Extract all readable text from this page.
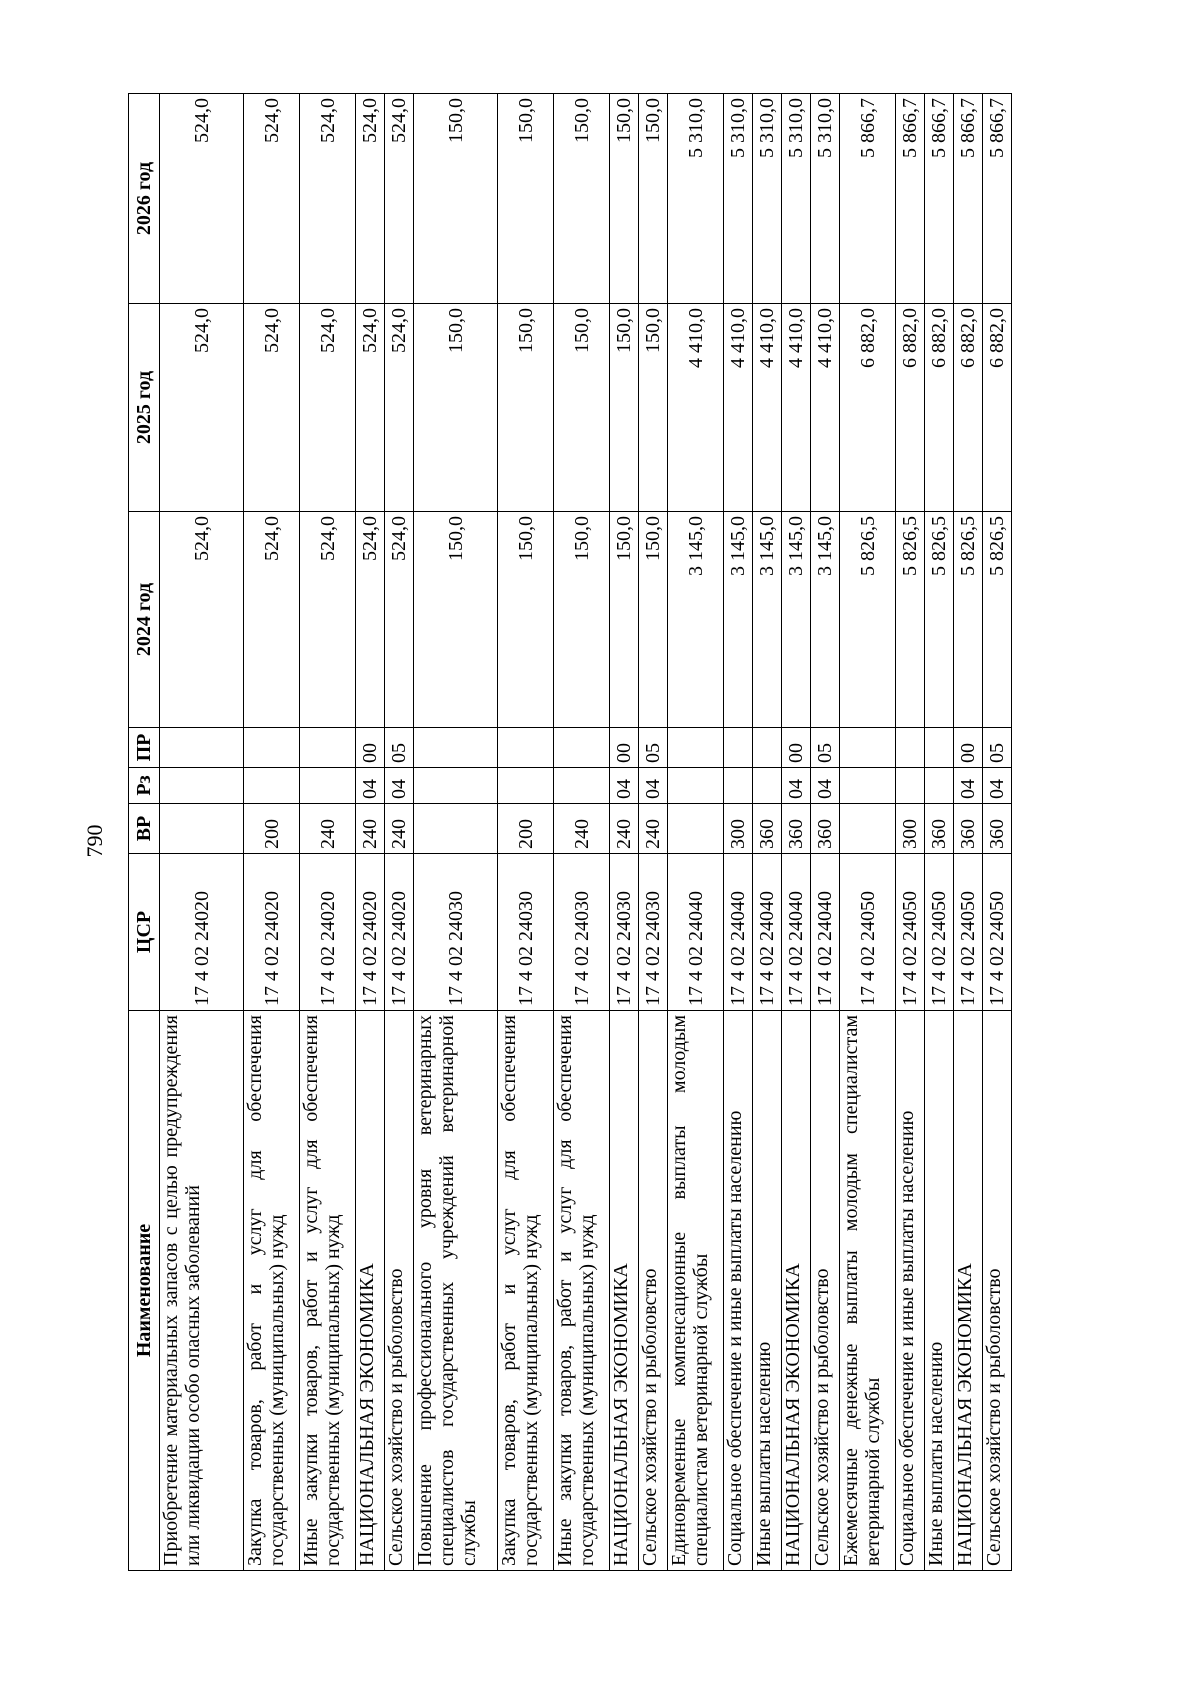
790
Наименование	ЦСР	ВР	Рз	ПР	2024 год	2025 год	2026 год
Приобретение материальных запасов с целью предупреждения или ликвидации особо опасных заболеваний	17 4 02 24020				524,0	524,0	524,0
Закупка товаров, работ и услуг для обеспечения государственных (муниципальных) нужд	17 4 02 24020	200			524,0	524,0	524,0
Иные закупки товаров, работ и услуг для обеспечения государственных (муниципальных) нужд	17 4 02 24020	240			524,0	524,0	524,0
НАЦИОНАЛЬНАЯ ЭКОНОМИКА	17 4 02 24020	240	04	00	524,0	524,0	524,0
Сельское хозяйство и рыболовство	17 4 02 24020	240	04	05	524,0	524,0	524,0
Повышение профессионального уровня ветеринарных специалистов государственных учреждений ветеринарной службы	17 4 02 24030				150,0	150,0	150,0
Закупка товаров, работ и услуг для обеспечения государственных (муниципальных) нужд	17 4 02 24030	200			150,0	150,0	150,0
Иные закупки товаров, работ и услуг для обеспечения государственных (муниципальных) нужд	17 4 02 24030	240			150,0	150,0	150,0
НАЦИОНАЛЬНАЯ ЭКОНОМИКА	17 4 02 24030	240	04	00	150,0	150,0	150,0
Сельское хозяйство и рыболовство	17 4 02 24030	240	04	05	150,0	150,0	150,0
Единовременные компенсационные выплаты молодым специалистам ветеринарной службы	17 4 02 24040				3 145,0	4 410,0	5 310,0
Социальное обеспечение и иные выплаты населению	17 4 02 24040	300			3 145,0	4 410,0	5 310,0
Иные выплаты населению	17 4 02 24040	360			3 145,0	4 410,0	5 310,0
НАЦИОНАЛЬНАЯ ЭКОНОМИКА	17 4 02 24040	360	04	00	3 145,0	4 410,0	5 310,0
Сельское хозяйство и рыболовство	17 4 02 24040	360	04	05	3 145,0	4 410,0	5 310,0
Ежемесячные денежные выплаты молодым специалистам ветеринарной службы	17 4 02 24050				5 826,5	6 882,0	5 866,7
Социальное обеспечение и иные выплаты населению	17 4 02 24050	300			5 826,5	6 882,0	5 866,7
Иные выплаты населению	17 4 02 24050	360			5 826,5	6 882,0	5 866,7
НАЦИОНАЛЬНАЯ ЭКОНОМИКА	17 4 02 24050	360	04	00	5 826,5	6 882,0	5 866,7
Сельское хозяйство и рыболовство	17 4 02 24050	360	04	05	5 826,5	6 882,0	5 866,7
